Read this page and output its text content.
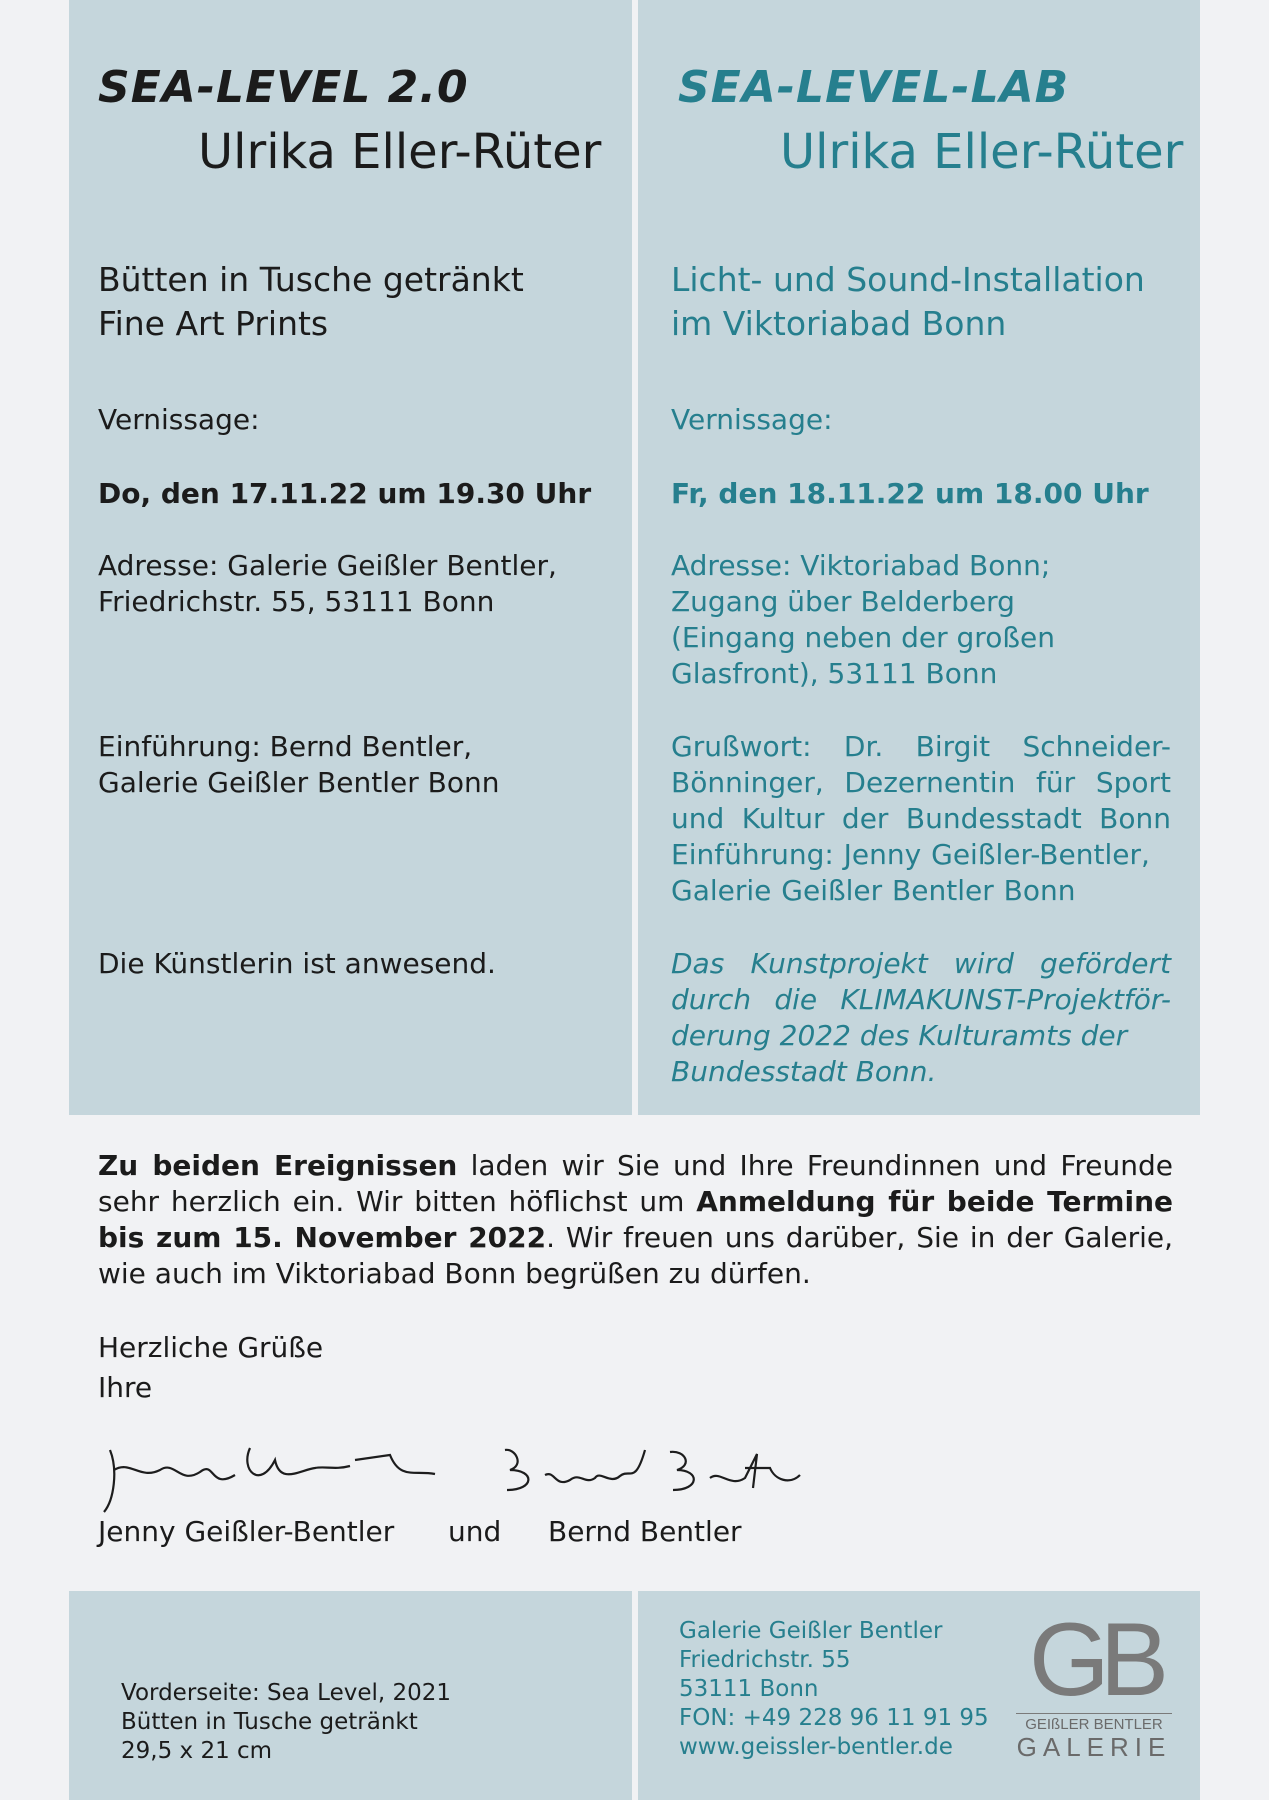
SEA-LEVEL 2.0
Ulrika Eller-Rüter
Bütten in Tusche getränkt
Fine Art Prints
Vernissage:
Do, den 17.11.22 um 19.30 Uhr
Adresse: Galerie Geißler Bentler,
Friedrichstr. 55, 53111 Bonn
Einführung: Bernd Bentler,
Galerie Geißler Bentler Bonn
Die Künstlerin ist anwesend.
SEA-LEVEL-LAB
Ulrika Eller-Rüter
Licht- und Sound-Installation
im Viktoriabad Bonn
Vernissage:
Fr, den 18.11.22 um 18.00 Uhr
Adresse: Viktoriabad Bonn;
Zugang über Belderberg
(Eingang neben der großen
Glasfront), 53111 Bonn
Grußwort: Dr. Birgit Schneider-Bönninger, Dezernentin für Sport und Kultur der Bundesstadt Bonn Einführung: Jenny Geißler-Bentler,
Galerie Geißler Bentler Bonn
Das Kunstprojekt wird gefördert durch die KLIMAKUNST-Projektför-derung 2022 des Kulturamts der
Bundesstadt Bonn.
Zu beiden Ereignissen laden wir Sie und Ihre Freundinnen und Freunde sehr herzlich ein. Wir bitten höflichst um Anmeldung für beide Termine bis zum 15. November 2022. Wir freuen uns darüber, Sie in der Galerie, wie auch im Viktoriabad Bonn begrüßen zu dürfen.
Herzliche Grüße
Ihre
Jenny Geißler-Bentler und Bernd Bentler
Vorderseite: Sea Level, 2021
Bütten in Tusche getränkt
29,5 x 21 cm
Galerie Geißler Bentler
Friedrichstr. 55
53111 Bonn
FON: +49 228 96 11 91 95
www.geissler-bentler.de
GB
GEIßLER BENTLER
GALERIE
